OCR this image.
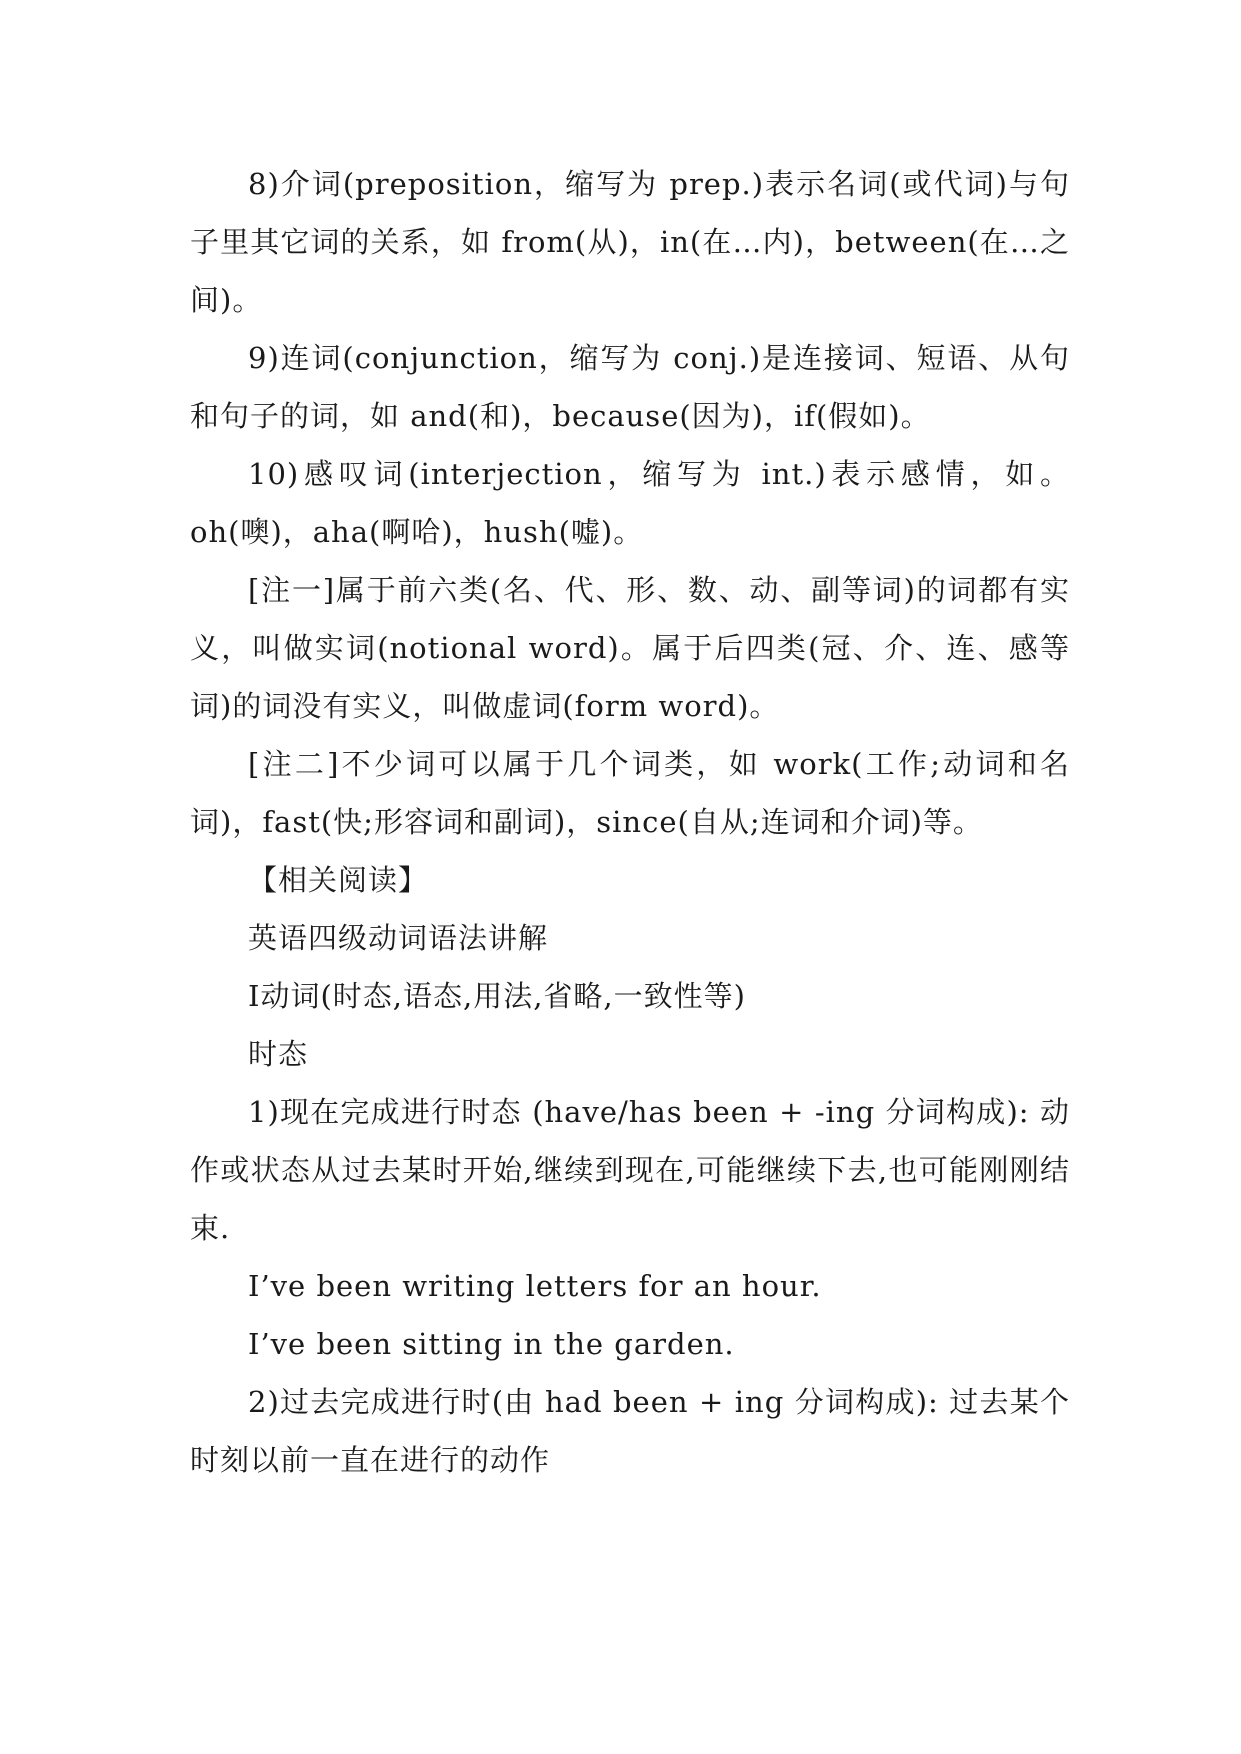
8)介词(preposition，缩写为 prep.)表示名词(或代词)与句子里其它词的关系，如 from(从)，in(在…内)，between(在…之间)。

9)连词(conjunction，缩写为 conj.)是连接词、短语、从句和句子的词，如 and(和)，because(因为)，if(假如)。

10)感叹词(interjection，缩写为 int.)表示感情，如。oh(噢)，aha(啊哈)，hush(嘘)。

[注一]属于前六类(名、代、形、数、动、副等词)的词都有实义，叫做实词(notional word)。属于后四类(冠、介、连、感等词)的词没有实义，叫做虚词(form word)。

[注二]不少词可以属于几个词类，如 work(工作;动词和名词)，fast(快;形容词和副词)，since(自从;连词和介词)等。

【相关阅读】

英语四级动词语法讲解

Ⅰ动词(时态,语态,用法,省略,一致性等)

时态

1)现在完成进行时态 (have/has been + -ing 分词构成): 动作或状态从过去某时开始,继续到现在,可能继续下去,也可能刚刚结束.

I’ve been writing letters for an hour.

I’ve been sitting in the garden.

2)过去完成进行时(由 had been + ing 分词构成): 过去某个时刻以前一直在进行的动作
